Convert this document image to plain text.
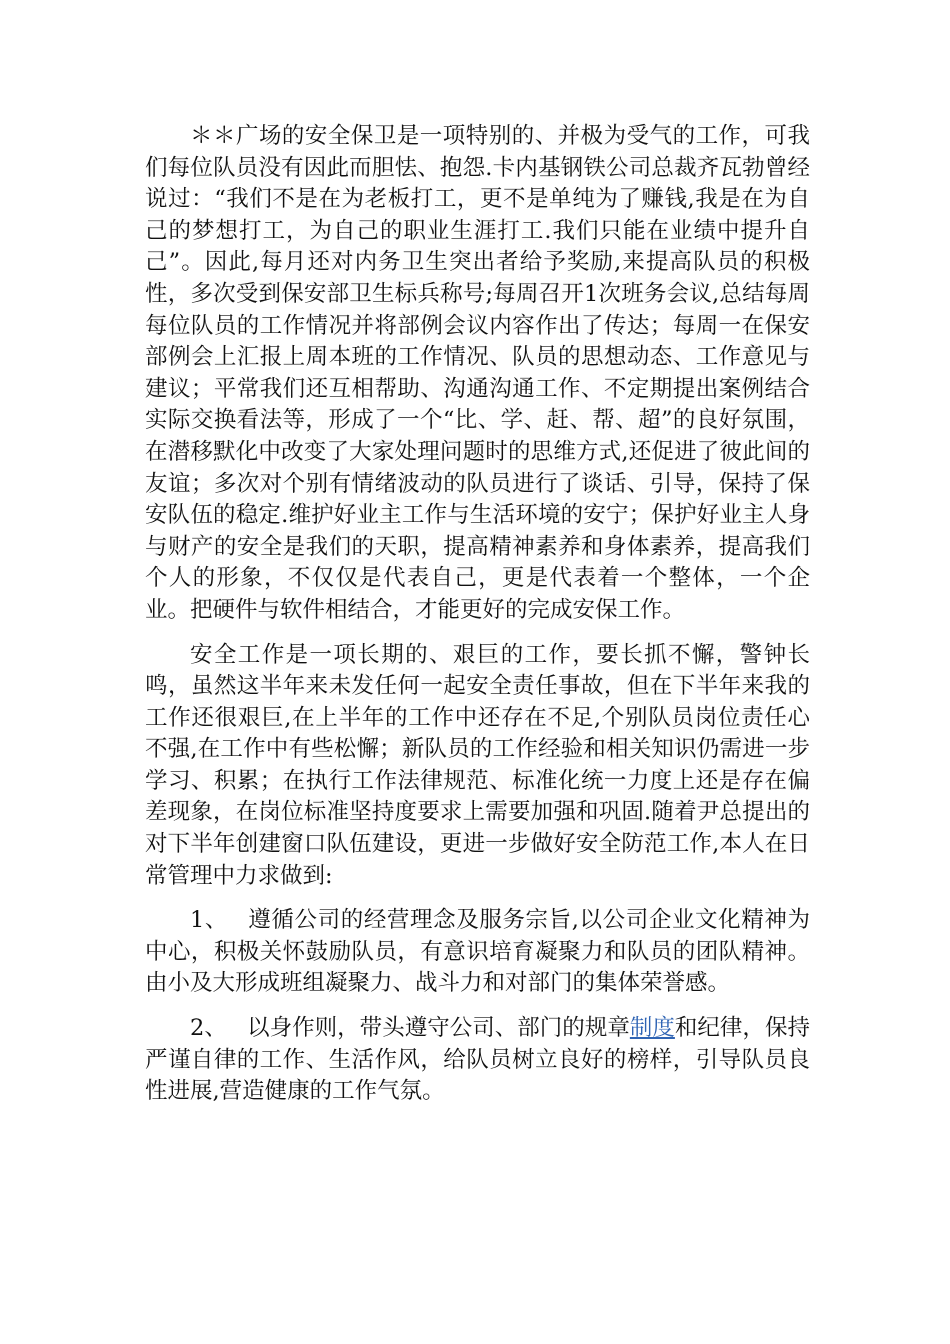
＊＊广场的安全保卫是一项特别的、并极为受气的工作，可我们每位队员没有因此而胆怯、抱怨.卡内基钢铁公司总裁齐瓦勃曾经说过：“我们不是在为老板打工，更不是单纯为了赚钱,我是在为自己的梦想打工，为自己的职业生涯打工.我们只能在业绩中提升自己”。因此,每月还对内务卫生突出者给予奖励,来提高队员的积极性，多次受到保安部卫生标兵称号;每周召开1次班务会议,总结每周每位队员的工作情况并将部例会议内容作出了传达；每周一在保安部例会上汇报上周本班的工作情况、队员的思想动态、工作意见与建议；平常我们还互相帮助、沟通沟通工作、不定期提出案例结合实际交换看法等，形成了一个“比、学、赶、帮、超”的良好氛围，在潜移默化中改变了大家处理问题时的思维方式,还促进了彼此间的友谊；多次对个别有情绪波动的队员进行了谈话、引导，保持了保安队伍的稳定.维护好业主工作与生活环境的安宁；保护好业主人身与财产的安全是我们的天职，提高精神素养和身体素养，提高我们个人的形象，不仅仅是代表自己，更是代表着一个整体，一个企业。把硬件与软件相结合，才能更好的完成安保工作。

安全工作是一项长期的、艰巨的工作，要长抓不懈，警钟长鸣，虽然这半年来未发任何一起安全责任事故，但在下半年来我的工作还很艰巨,在上半年的工作中还存在不足,个别队员岗位责任心不强,在工作中有些松懈；新队员的工作经验和相关知识仍需进一步学习、积累；在执行工作法律规范、标准化统一力度上还是存在偏差现象，在岗位标准坚持度要求上需要加强和巩固.随着尹总提出的对下半年创建窗口队伍建设，更进一步做好安全防范工作,本人在日常管理中力求做到:

1、 遵循公司的经营理念及服务宗旨,以公司企业文化精神为中心，积极关怀鼓励队员，有意识培育凝聚力和队员的团队精神。由小及大形成班组凝聚力、战斗力和对部门的集体荣誉感。

2、 以身作则，带头遵守公司、部门的规章制度和纪律，保持严谨自律的工作、生活作风，给队员树立良好的榜样，引导队员良性进展,营造健康的工作气氛。
